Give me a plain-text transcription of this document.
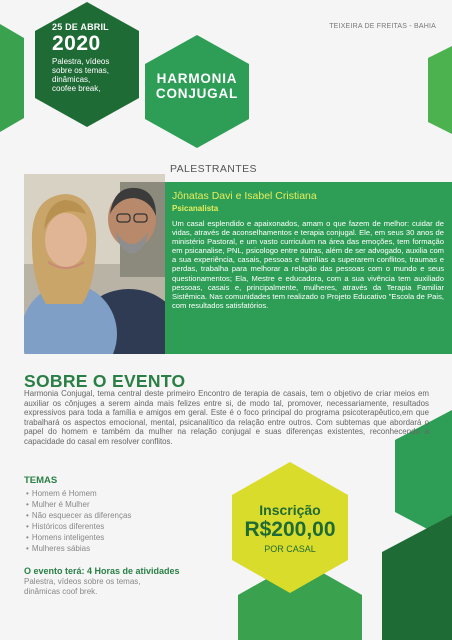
25 DE ABRIL
2020
Palestra, vídeos
sobre os temas,
dinâmicas,
coofee break,
TEIXEIRA DE FREITAS - BAHIA
HARMONIA
CONJUGAL
PALESTRANTES
Jônatas Davi e Isabel Cristiana
Psicanalista
Um casal esplendido e apaixonados, amam o que fazem de melhor: cuidar de vidas, através de aconselhamentos e terapia conjugal. Ele, em seus 30 anos de ministério Pastoral, e um vasto curriculum na área das emoções, tem formação em psicanalise, PNL, psicologo entre outras, além de ser advogado, auxilia com a sua experiência, casais, pessoas e famílias a superarem conflitos, traumas e perdas, trabalha para melhorar a relação das pessoas com o mundo e seus questionamentos; Ela, Mestre e educadora, com a sua vivência tem auxiliado pessoas, casais e, principalmente, mulheres, através da Terapia Familiar Sistêmica. Nas comunidades tem realizado o Projeto Educativo "Escola de Pais, com resultados satisfatórios.
SOBRE O EVENTO
Harmonia Conjugal, tema central deste primeiro Encontro de terapia de casais, tem o objetivo de criar meios em auxiliar os cônjuges a serem ainda mais felizes entre si, de modo tal, promover, necessariamente, resultados expressivos para toda a família e amigos em geral. Este é o foco principal do programa psicoterapêutico,em que trabalhará os aspectos emocional, mental, psicanalítico da relação entre outros. Com subtemas que abordará o papel do homem e também da mulher na relação conjugal e suas diferenças existentes, reconhecendo a capacidade do casal em resolver conflitos.
TEMAS
• Homem é Homem
• Mulher é Mulher
• Não esquecer as diferenças
• Históricos diferentes
• Homens inteligentes
• Mulheres sábias
O evento terá: 4 Horas de atividades
Palestra, vídeos sobre os temas,
dinâmicas coof brek.
Inscrição
R$200,00
POR CASAL
